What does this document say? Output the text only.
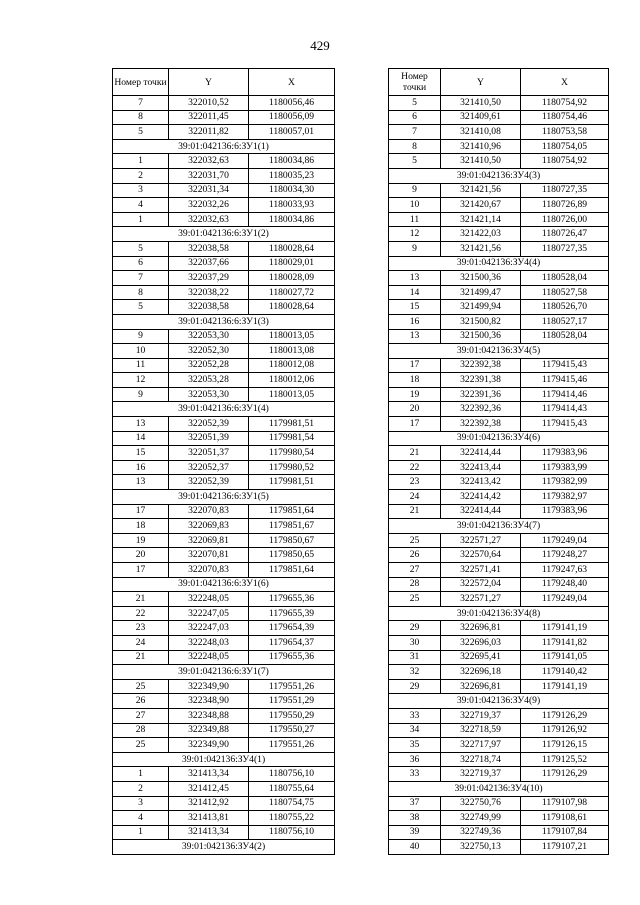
429
Номер точки	Y	X
7	322010,52	1180056,46
8	322011,45	1180056,09
5	322011,82	1180057,01
39:01:042136:6:ЗУ1(1)		
1	322032,63	1180034,86
2	322031,70	1180035,23
3	322031,34	1180034,30
4	322032,26	1180033,93
1	322032,63	1180034,86
39:01:042136:6:ЗУ1(2)		
5	322038,58	1180028,64
6	322037,66	1180029,01
7	322037,29	1180028,09
8	322038,22	1180027,72
5	322038,58	1180028,64
39:01:042136:6:ЗУ1(3)		
9	322053,30	1180013,05
10	322052,30	1180013,08
11	322052,28	1180012,08
12	322053,28	1180012,06
9	322053,30	1180013,05
39:01:042136:6:ЗУ1(4)		
13	322052,39	1179981,51
14	322051,39	1179981,54
15	322051,37	1179980,54
16	322052,37	1179980,52
13	322052,39	1179981,51
39:01:042136:6:ЗУ1(5)		
17	322070,83	1179851,64
18	322069,83	1179851,67
19	322069,81	1179850,67
20	322070,81	1179850,65
17	322070,83	1179851,64
39:01:042136:6:ЗУ1(6)		
21	322248,05	1179655,36
22	322247,05	1179655,39
23	322247,03	1179654,39
24	322248,03	1179654,37
21	322248,05	1179655,36
39:01:042136:6:ЗУ1(7)		
25	322349,90	1179551,26
26	322348,90	1179551,29
27	322348,88	1179550,29
28	322349,88	1179550,27
25	322349,90	1179551,26
39:01:042136:ЗУ4(1)		
1	321413,34	1180756,10
2	321412,45	1180755,64
3	321412,92	1180754,75
4	321413,81	1180755,22
1	321413,34	1180756,10
39:01:042136:ЗУ4(2)		
Номер точки	Y	X
5	321410,50	1180754,92
6	321409,61	1180754,46
7	321410,08	1180753,58
8	321410,96	1180754,05
5	321410,50	1180754,92
39:01:042136:ЗУ4(3)		
9	321421,56	1180727,35
10	321420,67	1180726,89
11	321421,14	1180726,00
12	321422,03	1180726,47
9	321421,56	1180727,35
39:01:042136:ЗУ4(4)		
13	321500,36	1180528,04
14	321499,47	1180527,58
15	321499,94	1180526,70
16	321500,82	1180527,17
13	321500,36	1180528,04
39:01:042136:ЗУ4(5)		
17	322392,38	1179415,43
18	322391,38	1179415,46
19	322391,36	1179414,46
20	322392,36	1179414,43
17	322392,38	1179415,43
39:01:042136:ЗУ4(6)		
21	322414,44	1179383,96
22	322413,44	1179383,99
23	322413,42	1179382,99
24	322414,42	1179382,97
21	322414,44	1179383,96
39:01:042136:ЗУ4(7)		
25	322571,27	1179249,04
26	322570,64	1179248,27
27	322571,41	1179247,63
28	322572,04	1179248,40
25	322571,27	1179249,04
39:01:042136:ЗУ4(8)		
29	322696,81	1179141,19
30	322696,03	1179141,82
31	322695,41	1179141,05
32	322696,18	1179140,42
29	322696,81	1179141,19
39:01:042136:ЗУ4(9)		
33	322719,37	1179126,29
34	322718,59	1179126,92
35	322717,97	1179126,15
36	322718,74	1179125,52
33	322719,37	1179126,29
39:01:042136:ЗУ4(10)		
37	322750,76	1179107,98
38	322749,99	1179108,61
39	322749,36	1179107,84
40	322750,13	1179107,21
